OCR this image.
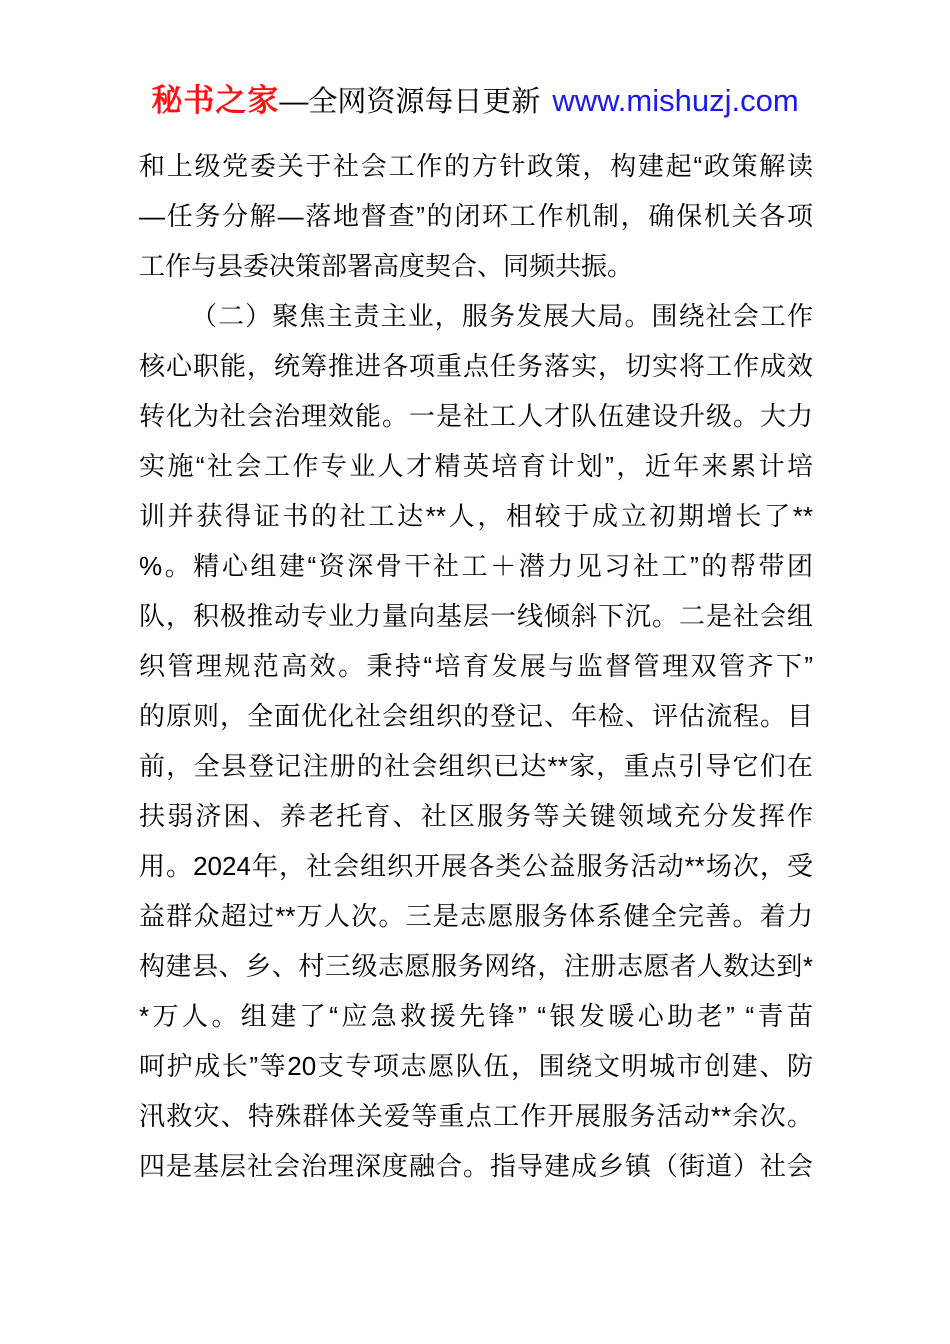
秘书之家—全网资源每日更新 www.mishuzj.com
和上级党委关于社会工作的方针政策，构建起“政策解读
—任务分解—落地督查”的闭环工作机制，确保机关各项
工作与县委决策部署高度契合、同频共振。
（二）聚焦主责主业，服务发展大局。围绕社会工作
核心职能，统筹推进各项重点任务落实，切实将工作成效
转化为社会治理效能。一是社工人才队伍建设升级。大力
实施“社会工作专业人才精英培育计划”，近年来累计培
训并获得证书的社工达**人，相较于成立初期增长了**
%。精心组建“资深骨干社工＋潜力见习社工”的帮带团
队，积极推动专业力量向基层一线倾斜下沉。二是社会组
织管理规范高效。秉持“培育发展与监督管理双管齐下”
的原则，全面优化社会组织的登记、年检、评估流程。目
前，全县登记注册的社会组织已达**家，重点引导它们在
扶弱济困、养老托育、社区服务等关键领域充分发挥作
用。2024年，社会组织开展各类公益服务活动**场次，受
益群众超过**万人次。三是志愿服务体系健全完善。着力
构建县、乡、村三级志愿服务网络，注册志愿者人数达到*
*万人。组建了“应急救援先锋” “银发暖心助老” “青苗
呵护成长”等20支专项志愿队伍，围绕文明城市创建、防
汛救灾、特殊群体关爱等重点工作开展服务活动**余次。
四是基层社会治理深度融合。指导建成乡镇（街道）社会
